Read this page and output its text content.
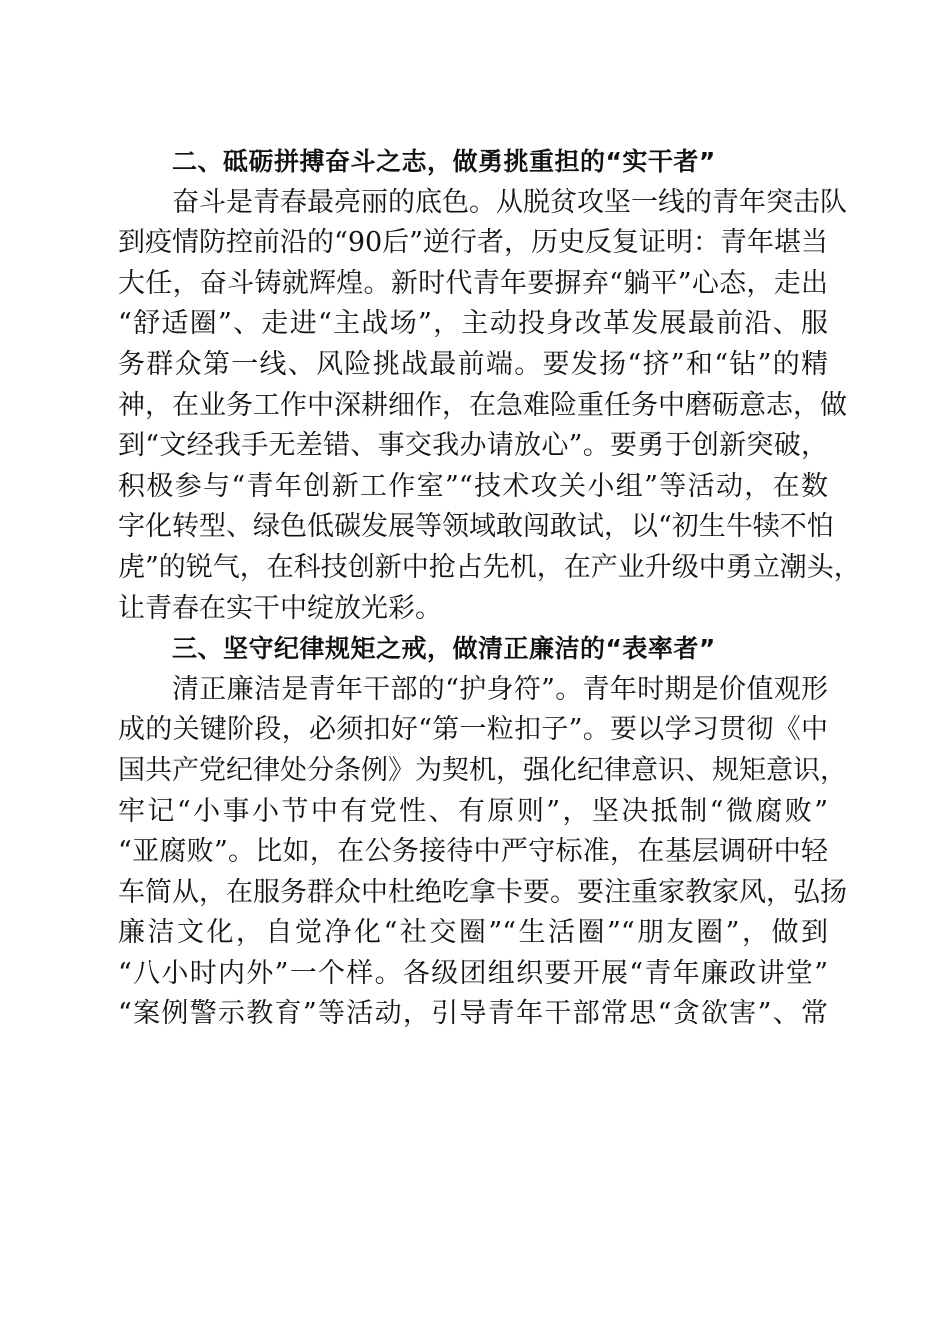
二、砥砺拼搏奋斗之志，做勇挑重担的“实干者”
奋斗是青春最亮丽的底色。从脱贫攻坚一线的青年突击队
到疫情防控前沿的“90后”逆行者，历史反复证明：青年堪当
大任，奋斗铸就辉煌。新时代青年要摒弃“躺平”心态，走出
“舒适圈”、走进“主战场”，主动投身改革发展最前沿、服
务群众第一线、风险挑战最前端。要发扬“挤”和“钻”的精
神，在业务工作中深耕细作，在急难险重任务中磨砺意志，做
到“文经我手无差错、事交我办请放心”。要勇于创新突破，
积极参与“青年创新工作室”“技术攻关小组”等活动，在数
字化转型、绿色低碳发展等领域敢闯敢试，以“初生牛犊不怕
虎”的锐气，在科技创新中抢占先机，在产业升级中勇立潮头，
让青春在实干中绽放光彩。
三、坚守纪律规矩之戒，做清正廉洁的“表率者”
清正廉洁是青年干部的“护身符”。青年时期是价值观形
成的关键阶段，必须扣好“第一粒扣子”。要以学习贯彻《中
国共产党纪律处分条例》为契机，强化纪律意识、规矩意识，
牢记“小事小节中有党性、有原则”，坚决抵制“微腐败”
“亚腐败”。比如，在公务接待中严守标准，在基层调研中轻
车简从，在服务群众中杜绝吃拿卡要。要注重家教家风，弘扬
廉洁文化，自觉净化“社交圈”“生活圈”“朋友圈”，做到
“八小时内外”一个样。各级团组织要开展“青年廉政讲堂”
“案例警示教育”等活动，引导青年干部常思“贪欲害”、常
